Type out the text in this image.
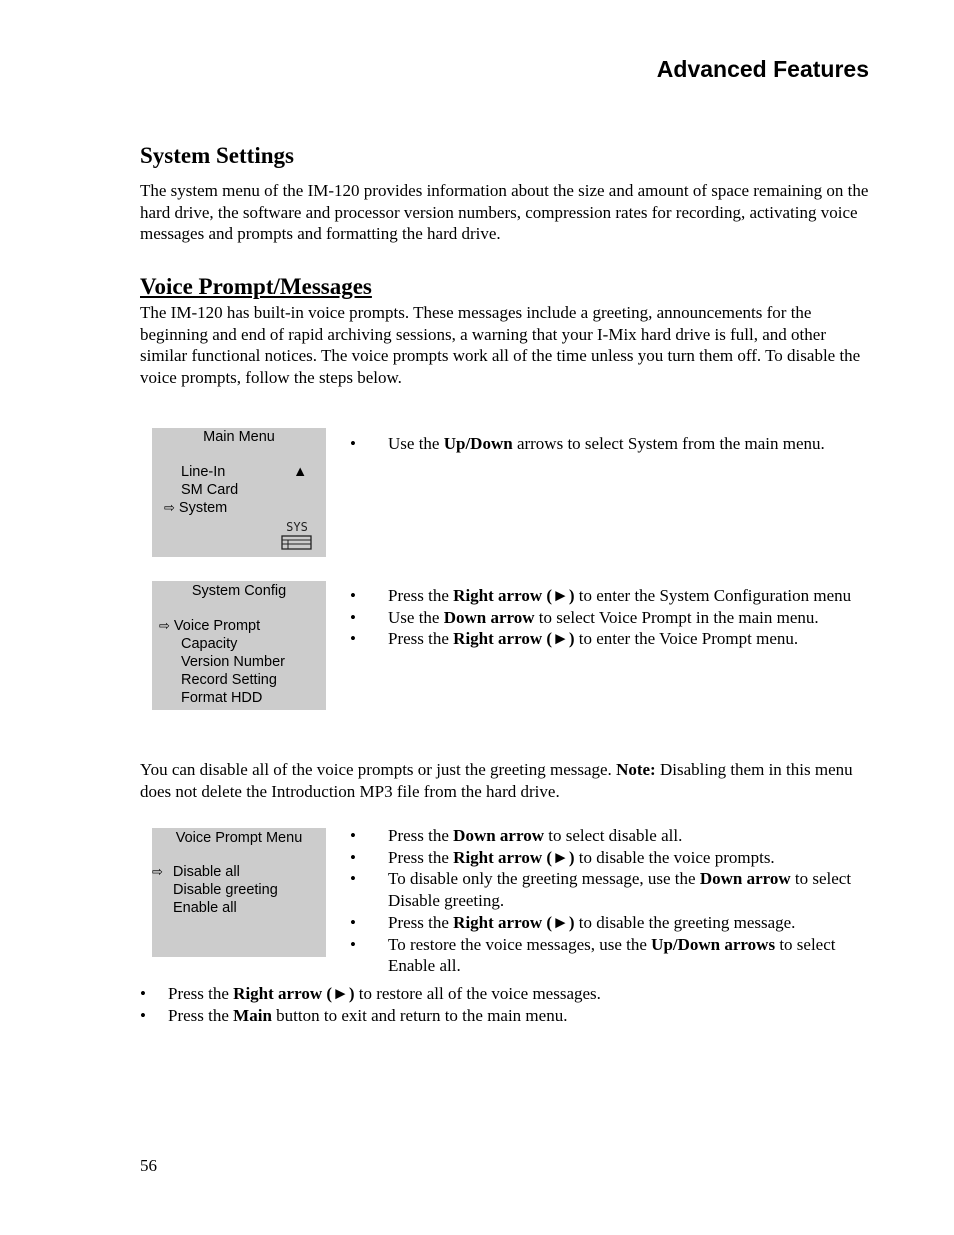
Advanced Features
System Settings

The system menu of the IM-120 provides information about the size and amount of space remaining on the hard drive, the software and processor version numbers, compression rates for recording, activating voice messages and prompts and formatting the hard drive.

Voice Prompt/Messages

The IM-120 has built-in voice prompts. These messages include a greeting, announcements for the beginning and end of rapid archiving sessions, a warning that your I-Mix hard drive is full, and other similar functional notices. The voice prompts work all of the time unless you turn them off. To disable the voice prompts, follow the steps below.

Main Menu
Line-In	▲
SM Card
⇨ System
SYS
• Use the Up/Down arrows to select System from the main menu.
System Config
⇨ Voice Prompt
Capacity
Version Number
Record Setting
Format HDD
• Press the Right arrow (►) to enter the System Configuration menu
• Use the Down arrow to select Voice Prompt in the main menu.
• Press the Right arrow (►) to enter the Voice Prompt menu.

You can disable all of the voice prompts or just the greeting message. Note: Disabling them in this menu does not delete the Introduction MP3 file from the hard drive.

Voice Prompt Menu
⇨ Disable all
Disable greeting
Enable all
• Press the Down arrow to select disable all.
• Press the Right arrow (►) to disable the voice prompts.
• To disable only the greeting message, use the Down arrow to select Disable greeting.
• Press the Right arrow (►) to disable the greeting message.
• To restore the voice messages, use the Up/Down arrows to select Enable all.
• Press the Right arrow (►) to restore all of the voice messages.
• Press the Main button to exit and return to the main menu.
56
